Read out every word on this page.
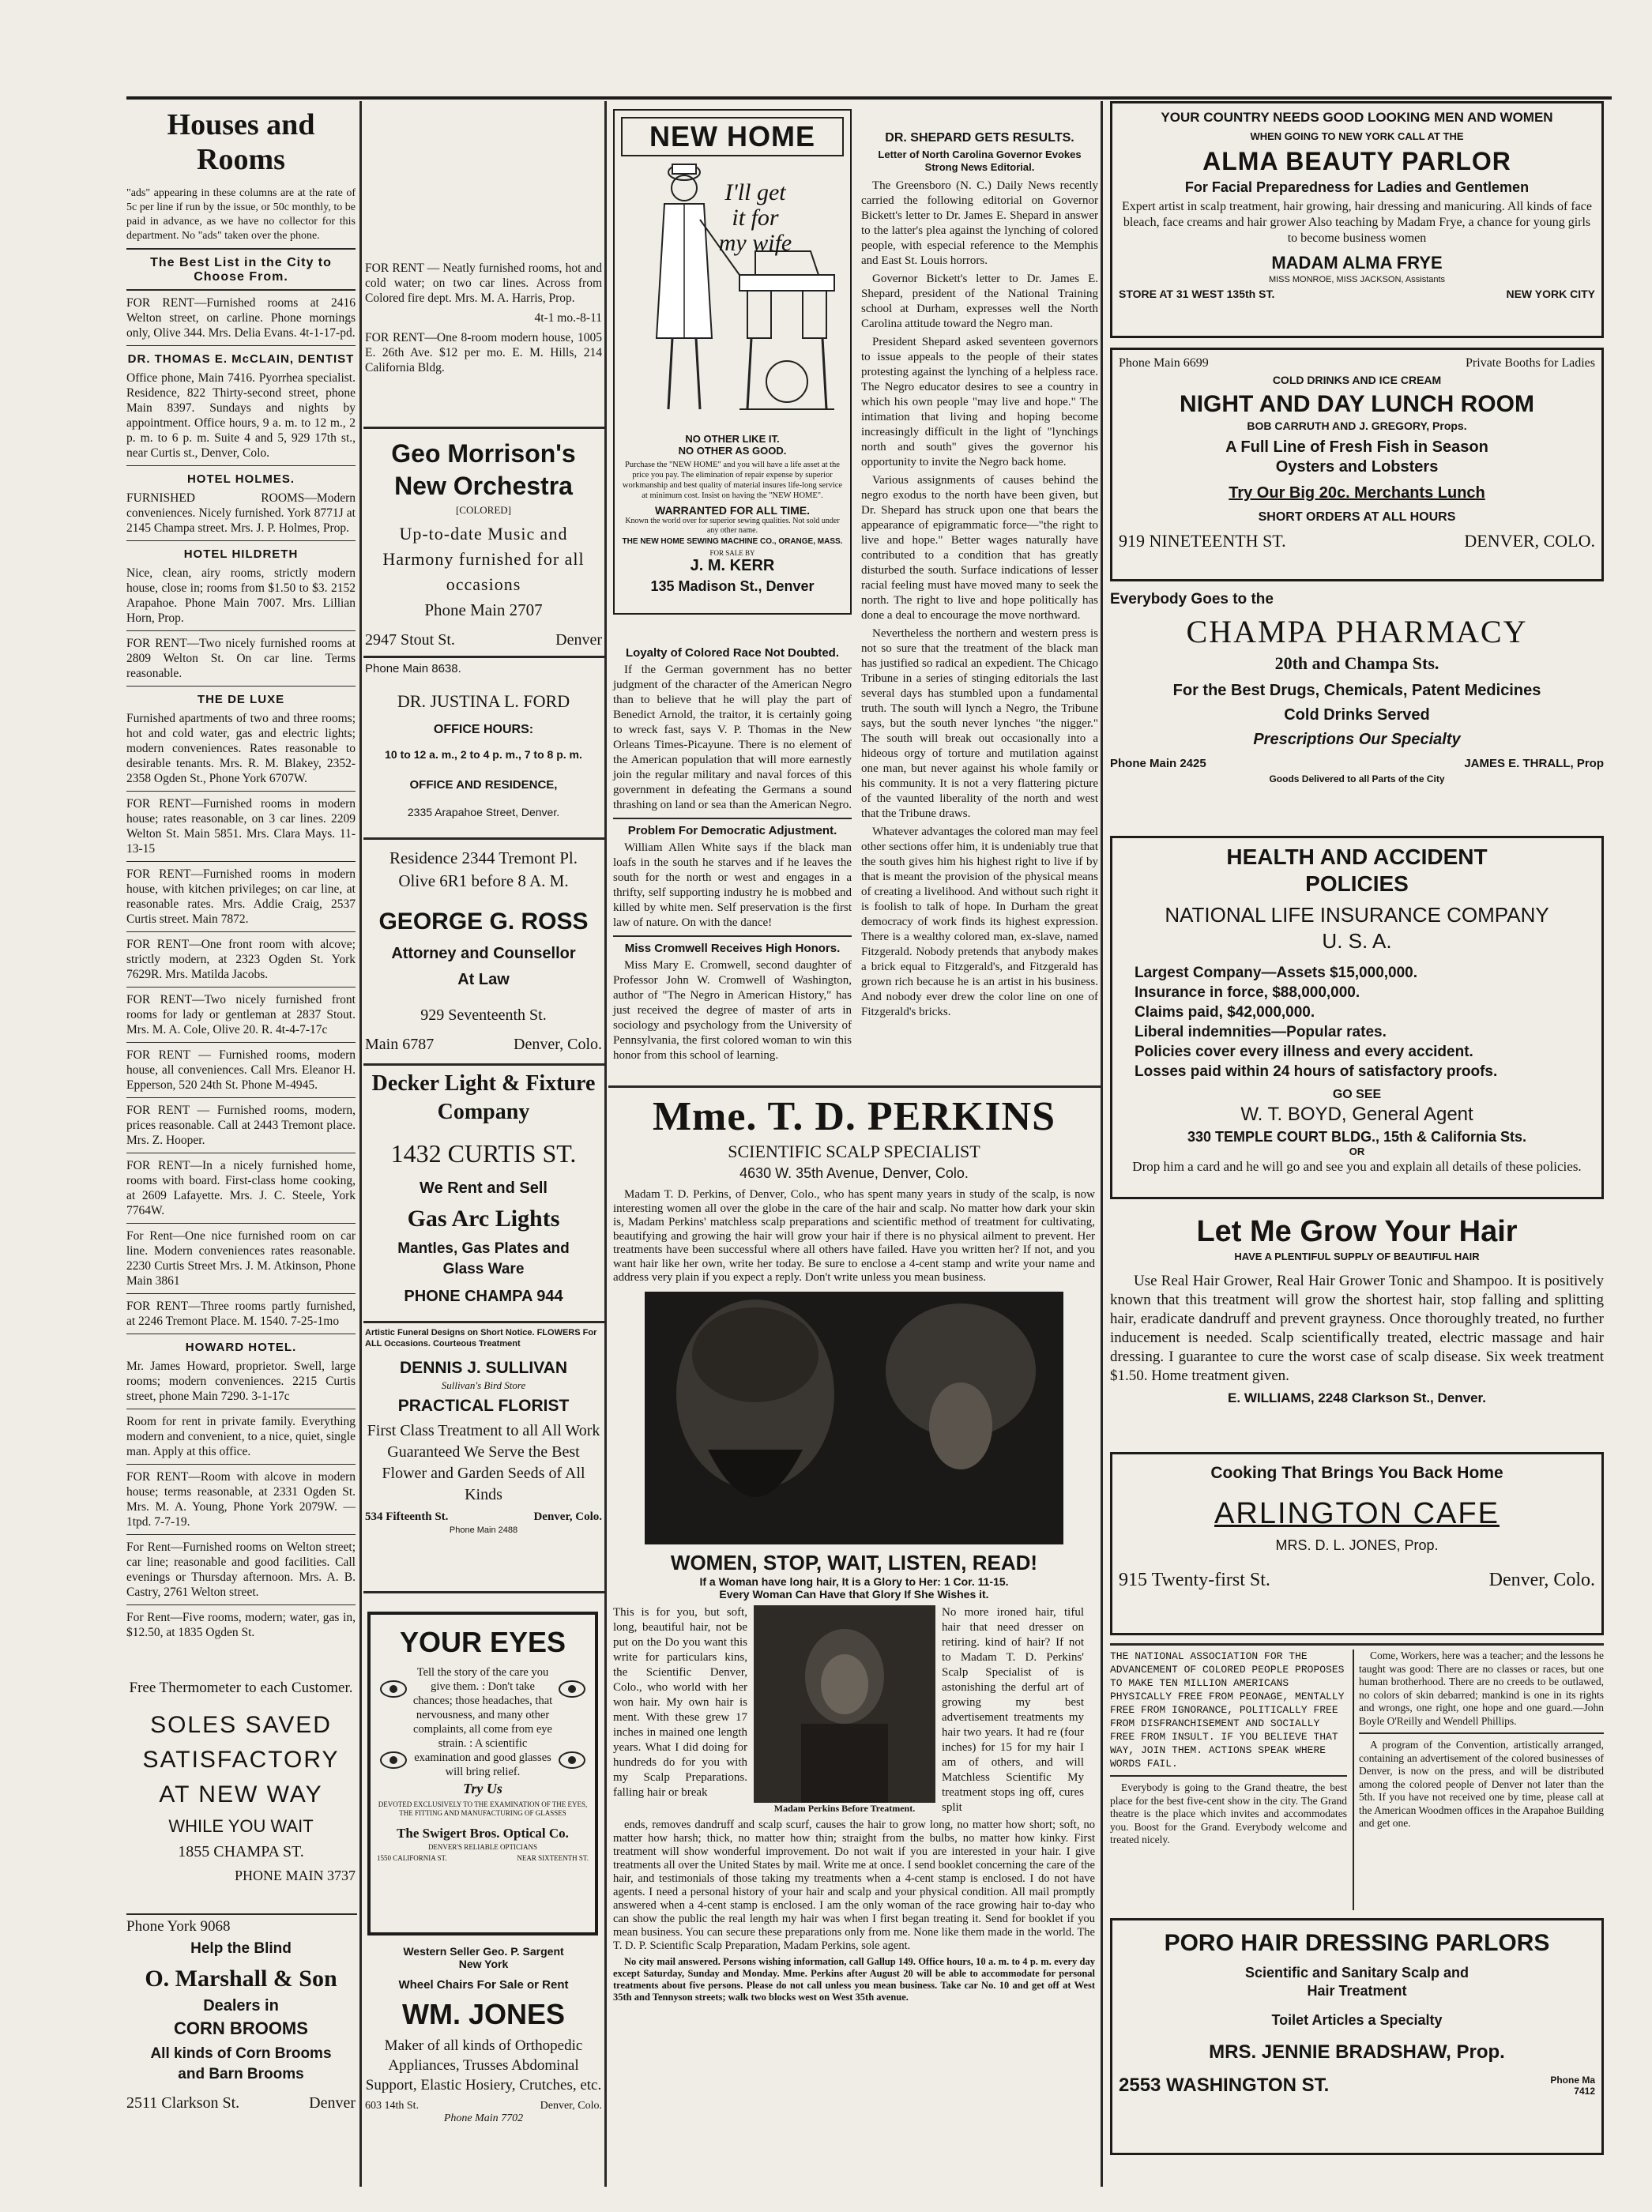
Houses and Rooms

"ads" appearing in these columns are at the rate of 5c per line if run by the issue, or 50c monthly, to be paid in advance, as we have no collector for this department. No "ads" taken over the phone.

The Best List in the City to Choose From.

FOR RENT—Furnished rooms at 2416 Welton street, on carline. Phone mornings only, Olive 344. Mrs. Delia Evans. 4t-1-17-pd.

DR. THOMAS E. McCLAIN, DENTIST

Office phone, Main 7416. Pyorrhea specialist. Residence, 822 Thirty-second street, phone Main 8397. Sundays and nights by appointment. Office hours, 9 a. m. to 12 m., 2 p. m. to 6 p. m. Suite 4 and 5, 929 17th st., near Curtis st., Denver, Colo.

HOTEL HOLMES.

FURNISHED ROOMS—Modern conveniences. Nicely furnished. York 8771J at 2145 Champa street. Mrs. J. P. Holmes, Prop.

HOTEL HILDRETH

Nice, clean, airy rooms, strictly modern house, close in; rooms from $1.50 to $3. 2152 Arapahoe. Phone Main 7007. Mrs. Lillian Horn, Prop.

FOR RENT—Two nicely furnished rooms at 2809 Welton St. On car line. Terms reasonable.

THE DE LUXE

Furnished apartments of two and three rooms; hot and cold water, gas and electric lights; modern conveniences. Rates reasonable to desirable tenants. Mrs. R. M. Blakey, 2352-2358 Ogden St., Phone York 6707W.

FOR RENT—Furnished rooms in modern house; rates reasonable, on 3 car lines. 2209 Welton St. Main 5851. Mrs. Clara Mays. 11-13-15

FOR RENT—Furnished rooms in modern house, with kitchen privileges; on car line, at reasonable rates. Mrs. Addie Craig, 2537 Curtis street. Main 7872.

FOR RENT—One front room with alcove; strictly modern, at 2323 Ogden St. York 7629R. Mrs. Matilda Jacobs.

FOR RENT—Two nicely furnished front rooms for lady or gentleman at 2837 Stout. Mrs. M. A. Cole, Olive 20. R. 4t-4-7-17c

FOR RENT — Furnished rooms, modern house, all conveniences. Call Mrs. Eleanor H. Epperson, 520 24th St. Phone M-4945.

FOR RENT — Furnished rooms, modern, prices reasonable. Call at 2443 Tremont place. Mrs. Z. Hooper.

FOR RENT—In a nicely furnished home, rooms with board. First-class home cooking, at 2609 Lafayette. Mrs. J. C. Steele, York 7764W.

For Rent—One nice furnished room on car line. Modern conveniences rates reasonable. 2230 Curtis Street Mrs. J. M. Atkinson, Phone Main 3861

FOR RENT—Three rooms partly furnished, at 2246 Tremont Place. M. 1540. 7-25-1mo

HOWARD HOTEL.

Mr. James Howard, proprietor. Swell, large rooms; modern conveniences. 2215 Curtis street, phone Main 7290. 3-1-17c

Room for rent in private family. Everything modern and convenient, to a nice, quiet, single man. Apply at this office.

FOR RENT—Room with alcove in modern house; terms reasonable, at 2331 Ogden St. Mrs. M. A. Young, Phone York 2079W. —1tpd. 7-7-19.

For Rent—Furnished rooms on Welton street; car line; reasonable and good facilities. Call evenings or Thursday afternoon. Mrs. A. B. Castry, 2761 Welton street.

For Rent—Five rooms, modern; water, gas in, $12.50, at 1835 Ogden St.

Free Thermometer to each Customer.
SOLES SAVED
SATISFACTORY
AT NEW WAY
WHILE YOU WAIT
1855 CHAMPA ST.
PHONE MAIN 3737
Phone York 9068
Help the Blind
O. Marshall & Son
Dealers in
CORN BROOMS
All kinds of Corn Brooms
and Barn Brooms
2511 Clarkson St.	Denver

FOR RENT — Neatly furnished rooms, hot and cold water; on two car lines. Across from Colored fire dept. Mrs. M. A. Harris, Prop.

4t-1 mo.-8-11

FOR RENT—One 8-room modern house, 1005 E. 26th Ave. $12 per mo. E. M. Hills, 214 California Bldg.

Geo Morrison's
New Orchestra
[COLORED]
Up-to-date Music and Harmony furnished for all occasions
Phone Main 2707
2947 Stout St.	Denver
Phone Main 8638.
DR. JUSTINA L. FORD
OFFICE HOURS:
10 to 12 a. m., 2 to 4 p. m., 7 to 8 p. m.
OFFICE AND RESIDENCE,
2335 Arapahoe Street, Denver.
Residence 2344 Tremont Pl.
Olive 6R1 before 8 A. M.
GEORGE G. ROSS
Attorney and Counsellor
At Law
929 Seventeenth St.
Main 6787	Denver, Colo.
Decker Light & Fixture
Company
1432 CURTIS ST.
We Rent and Sell
Gas Arc Lights
Mantles, Gas Plates and
Glass Ware
PHONE CHAMPA 944
Artistic Funeral Designs on Short Notice. FLOWERS For ALL Occasions. Courteous Treatment
DENNIS J. SULLIVAN
Sullivan's Bird Store
PRACTICAL FLORIST
First Class Treatment to all All Work Guaranteed We Serve the Best Flower and Garden Seeds of All Kinds
534 Fifteenth St.	Denver, Colo.
Phone Main 2488
YOUR EYES
Tell the story of the care you give them. : Don't take chances; those headaches, that nervousness, and many other complaints, all come from eye strain. : A scientific examination and good glasses will bring relief.
Try Us
DEVOTED EXCLUSIVELY TO THE EXAMINATION OF THE EYES, THE FITTING AND MANUFACTURING OF GLASSES
The Swigert Bros. Optical Co.
DENVER'S RELIABLE OPTICIANS
1550 CALIFORNIA ST.	NEAR SIXTEENTH ST.
Western Seller Geo. P. Sargent
New York
Wheel Chairs For Sale or Rent
WM. JONES
Maker of all kinds of Orthopedic Appliances, Trusses Abdominal Support, Elastic Hosiery, Crutches, etc.
603 14th St.	Denver, Colo.
Phone Main 7702
NEW HOME
I'll get it for my wife
NO OTHER LIKE IT.
NO OTHER AS GOOD.
Purchase the "NEW HOME" and you will have a life asset at the price you pay. The elimination of repair expense by superior workmanship and best quality of material insures life-long service at minimum cost. Insist on having the "NEW HOME".
WARRANTED FOR ALL TIME.
Known the world over for superior sewing qualities. Not sold under any other name.
THE NEW HOME SEWING MACHINE CO., ORANGE, MASS.
FOR SALE BY
J. M. KERR
135 Madison St., Denver
Loyalty of Colored Race Not Doubted.

If the German government has no better judgment of the character of the American Negro than to believe that he will play the part of Benedict Arnold, the traitor, it is certainly going to wreck fast, says V. P. Thomas in the New Orleans Times-Picayune. There is no element of the American population that will more earnestly join the regular military and naval forces of this government in defeating the Germans a sound thrashing on land or sea than the American Negro.

Problem For Democratic Adjustment.

William Allen White says if the black man loafs in the south he starves and if he leaves the south for the north or west and engages in a thrifty, self supporting industry he is mobbed and killed by white men. Self preservation is the first law of nature. On with the dance!

Miss Cromwell Receives High Honors.

Miss Mary E. Cromwell, second daughter of Professor John W. Cromwell of Washington, author of "The Negro in American History," has just received the degree of master of arts in sociology and psychology from the University of Pennsylvania, the first colored woman to win this honor from this school of learning.

DR. SHEPARD GETS RESULTS.
Letter of North Carolina Governor Evokes Strong News Editorial.

The Greensboro (N. C.) Daily News recently carried the following editorial on Governor Bickett's letter to Dr. James E. Shepard in answer to the latter's plea against the lynching of colored people, with especial reference to the Memphis and East St. Louis horrors.

Governor Bickett's letter to Dr. James E. Shepard, president of the National Training school at Durham, expresses well the North Carolina attitude toward the Negro man.

President Shepard asked seventeen governors to issue appeals to the people of their states protesting against the lynching of a helpless race. The Negro educator desires to see a country in which his own people "may live and hope." The intimation that living and hoping become increasingly difficult in the light of "lynchings north and south" gives the governor his opportunity to invite the Negro back home.

Various assignments of causes behind the negro exodus to the north have been given, but Dr. Shepard has struck upon one that bears the appearance of epigrammatic force—"the right to live and hope." Better wages naturally have contributed to a condition that has greatly disturbed the south. Surface indications of lesser racial feeling must have moved many to seek the north. The right to live and hope politically has done a deal to encourage the move northward.

Nevertheless the northern and western press is not so sure that the treatment of the black man has justified so radical an expedient. The Chicago Tribune in a series of stinging editorials the last several days has stumbled upon a fundamental truth. The south will lynch a Negro, the Tribune says, but the south never lynches "the nigger." The south will break out occasionally into a hideous orgy of torture and mutilation against one man, but never against his whole family or his community. It is not a very flattering picture of the vaunted liberality of the north and west that the Tribune draws.

Whatever advantages the colored man may feel other sections offer him, it is undeniably true that the south gives him his highest right to live if by that is meant the provision of the physical means of creating a livelihood. And without such right it is foolish to talk of hope. In Durham the great democracy of work finds its highest expression. There is a wealthy colored man, ex-slave, named Fitzgerald. Nobody pretends that anybody makes a brick equal to Fitzgerald's, and Fitzgerald has grown rich because he is an artist in his business. And nobody ever drew the color line on one of Fitzgerald's bricks.

Mme. T. D. PERKINS
SCIENTIFIC SCALP SPECIALIST
4630 W. 35th Avenue, Denver, Colo.

Madam T. D. Perkins, of Denver, Colo., who has spent many years in study of the scalp, is now interesting women all over the globe in the care of the hair and scalp. No matter how dark your skin is, Madam Perkins' matchless scalp preparations and scientific method of treatment for cultivating, beautifying and growing the hair will grow your hair if there is no physical ailment to prevent. Her treatments have been successful where all others have failed. Have you written her? If not, and you want hair like her own, write her today. Be sure to enclose a 4-cent stamp and write your name and address very plain if you expect a reply. Don't write unless you mean business.

WOMEN, STOP, WAIT, LISTEN, READ!
If a Woman have long hair, It is a Glory to Her: 1 Cor. 11-15.
Every Woman Can Have that Glory If She Wishes it.

This is for you, but soft, long, beautiful hair, not be put on the Do you want this write for particulars kins, the Scientific Denver, Colo., who world with her won hair. My own hair is ment. With these grew 17 inches in mained one length years. What I did doing for hundreds do for you with my Scalp Preparations. falling hair or break

Madam Perkins Before Treatment.

No more ironed hair, tiful hair that need dresser on retiring. kind of hair? If not to Madam T. D. Perkins' Scalp Specialist of is astonishing the derful art of growing my best advertisement treatments my hair two years. It had re (four inches) for 15 for my hair I am of others, and will Matchless Scientific My treatment stops ing off, cures split

ends, removes dandruff and scalp scurf, causes the hair to grow long, no matter how short; soft, no matter how harsh; thick, no matter how thin; straight from the bulbs, no matter how kinky. First treatment will show wonderful improvement. Do not wait if you are interested in your hair. I give treatments all over the United States by mail. Write me at once. I send booklet concerning the care of the hair, and testimonials of those taking my treatments when a 4-cent stamp is enclosed. I do not have agents. I need a personal history of your hair and scalp and your physical condition. All mail promptly answered when a 4-cent stamp is enclosed. I am the only woman of the race growing hair to-day who can show the public the real length my hair was when I first began treating it. Send for booklet if you mean business. You can secure these preparations only from me. None like them made in the world. The T. D. P. Scientific Scalp Preparation, Madam Perkins, sole agent.

No city mail answered. Persons wishing information, call Gallup 149. Office hours, 10 a. m. to 4 p. m. every day except Saturday, Sunday and Monday. Mme. Perkins after August 20 will be able to accommodate for personal treatments about five persons. Please do not call unless you mean business. Take car No. 10 and get off at West 35th and Tennyson streets; walk two blocks west on West 35th avenue.

YOUR COUNTRY NEEDS GOOD LOOKING MEN AND WOMEN
WHEN GOING TO NEW YORK CALL AT THE
ALMA BEAUTY PARLOR
For Facial Preparedness for Ladies and Gentlemen
Expert artist in scalp treatment, hair growing, hair dressing and manicuring. All kinds of face bleach, face creams and hair grower Also teaching by Madam Frye, a chance for young girls to become business women
MADAM ALMA FRYE
MISS MONROE, MISS JACKSON, Assistants
STORE AT 31 WEST 135th ST.	NEW YORK CITY
Phone Main 6699	Private Booths for Ladies
COLD DRINKS AND ICE CREAM
NIGHT AND DAY LUNCH ROOM
BOB CARRUTH AND J. GREGORY, Props.
A Full Line of Fresh Fish in Season
Oysters and Lobsters
Try Our Big 20c. Merchants Lunch
SHORT ORDERS AT ALL HOURS
919 NINETEENTH ST.	DENVER, COLO.
Everybody Goes to the
CHAMPA PHARMACY
20th and Champa Sts.
For the Best Drugs, Chemicals, Patent Medicines
Cold Drinks Served
Prescriptions Our Specialty
Phone Main 2425	JAMES E. THRALL, Prop
Goods Delivered to all Parts of the City
HEALTH AND ACCIDENT
POLICIES
NATIONAL LIFE INSURANCE COMPANY
U. S. A.
Largest Company—Assets $15,000,000.
Insurance in force, $88,000,000.
Claims paid, $42,000,000.
Liberal indemnities—Popular rates.
Policies cover every illness and every accident.
Losses paid within 24 hours of satisfactory proofs.
GO SEE
W. T. BOYD, General Agent
330 TEMPLE COURT BLDG., 15th & California Sts.
OR
Drop him a card and he will go and see you and explain all details of these policies.
Let Me Grow Your Hair
HAVE A PLENTIFUL SUPPLY OF BEAUTIFUL HAIR

Use Real Hair Grower, Real Hair Grower Tonic and Shampoo. It is positively known that this treatment will grow the shortest hair, stop falling and splitting hair, eradicate dandruff and prevent grayness. Once thoroughly treated, no further inducement is needed. Scalp scientifically treated, electric massage and hair dressing. I guarantee to cure the worst case of scalp disease. Six week treatment $1.50. Home treatment given.

E. WILLIAMS, 2248 Clarkson St., Denver.
Cooking That Brings You Back Home
ARLINGTON CAFE
MRS. D. L. JONES, Prop.
915 Twenty-first St.	Denver, Colo.

THE NATIONAL ASSOCIATION FOR THE ADVANCEMENT OF COLORED PEOPLE PROPOSES TO MAKE TEN MILLION AMERICANS PHYSICALLY FREE FROM PEONAGE, MENTALLY FREE FROM IGNORANCE, POLITICALLY FREE FROM DISFRANCHISEMENT AND SOCIALLY FREE FROM INSULT. IF YOU BELIEVE THAT WAY, JOIN THEM. ACTIONS SPEAK WHERE WORDS FAIL.

Everybody is going to the Grand theatre, the best place for the best five-cent show in the city. The Grand theatre is the place which invites and accommodates you. Boost for the Grand. Everybody welcome and treated nicely.

Come, Workers, here was a teacher; and the lessons he taught was good: There are no classes or races, but one human brotherhood. There are no creeds to be outlawed, no colors of skin debarred; mankind is one in its rights and wrongs, one right, one hope and one guard.—John Boyle O'Reilly and Wendell Phillips.

A program of the Convention, artistically arranged, containing an advertisement of the colored businesses of Denver, is now on the press, and will be distributed among the colored people of Denver not later than the 5th. If you have not received one by time, please call at the American Woodmen offices in the Arapahoe Building and get one.

PORO HAIR DRESSING PARLORS
Scientific and Sanitary Scalp and
Hair Treatment
Toilet Articles a Specialty
MRS. JENNIE BRADSHAW, Prop.
2553 WASHINGTON ST.	Phone Ma 7412
